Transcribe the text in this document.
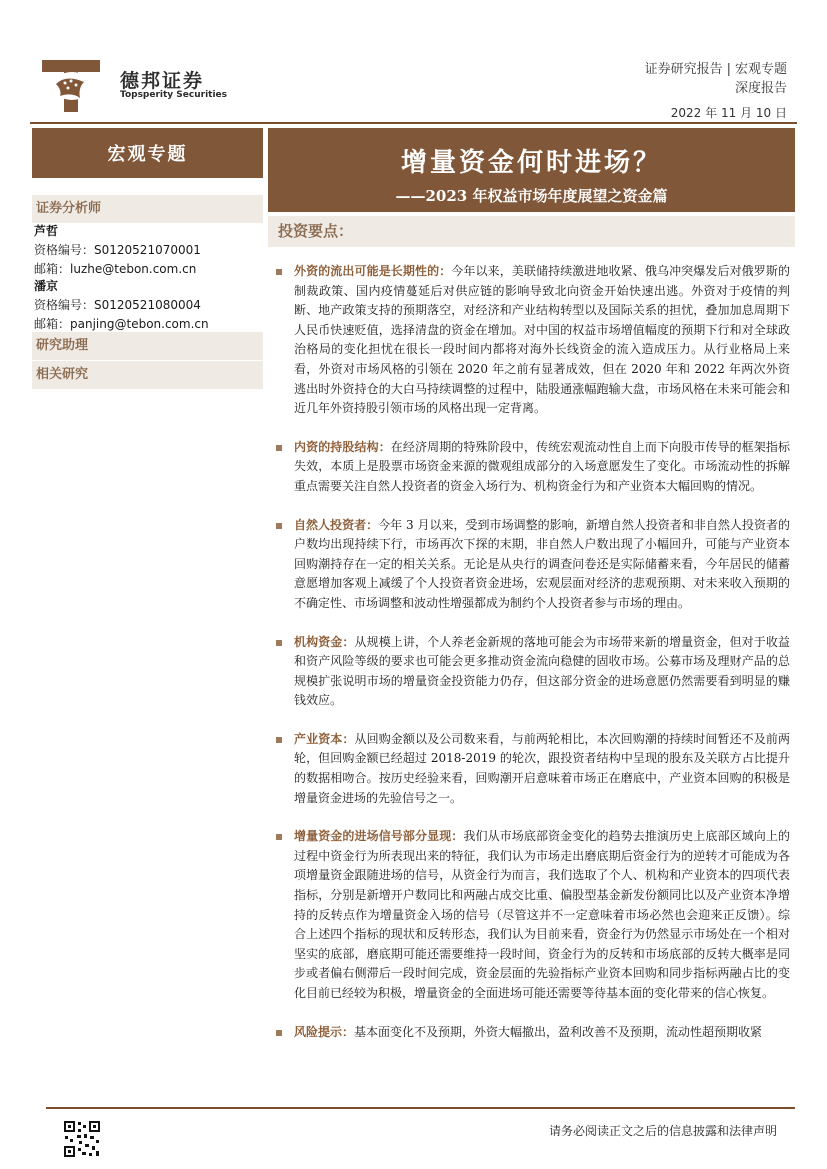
德邦证券
Topsperity Securities
证券研究报告 | 宏观专题
深度报告
2022 年 11 月 10 日
宏观专题
证券分析师
芦哲
资格编号：S0120521070001
邮箱：luzhe@tebon.com.cn
潘京
资格编号：S0120521080004
邮箱：panjing@tebon.com.cn
研究助理
相关研究
增量资金何时进场？
——2023 年权益市场年度展望之资金篇
投资要点：
外资的流出可能是长期性的：今年以来，美联储持续激进地收紧、俄乌冲突爆发后对俄罗斯的制裁政策、国内疫情蔓延后对供应链的影响导致北向资金开始快速出逃。外资对于疫情的判断、地产政策支持的预期落空，对经济和产业结构转型以及国际关系的担忧，叠加加息周期下人民币快速贬值，选择清盘的资金在增加。对中国的权益市场增值幅度的预期下行和对全球政治格局的变化担忧在很长一段时间内都将对海外长线资金的流入造成压力。从行业格局上来看，外资对市场风格的引领在 2020 年之前有显著成效，但在 2020 年和 2022 年两次外资逃出时外资持仓的大白马持续调整的过程中，陆股通涨幅跑输大盘，市场风格在未来可能会和近几年外资持股引领市场的风格出现一定背离。
内资的持股结构：在经济周期的特殊阶段中，传统宏观流动性自上而下向股市传导的框架指标失效，本质上是股票市场资金来源的微观组成部分的入场意愿发生了变化。市场流动性的拆解重点需要关注自然人投资者的资金入场行为、机构资金行为和产业资本大幅回购的情况。
自然人投资者：今年 3 月以来，受到市场调整的影响，新增自然人投资者和非自然人投资者的户数均出现持续下行，市场再次下探的末期，非自然人户数出现了小幅回升，可能与产业资本回购潮持存在一定的相关关系。无论是从央行的调查问卷还是实际储蓄来看，今年居民的储蓄意愿增加客观上减缓了个人投资者资金进场，宏观层面对经济的悲观预期、对未来收入预期的不确定性、市场调整和波动性增强都成为制约个人投资者参与市场的理由。
机构资金：从规模上讲，个人养老金新规的落地可能会为市场带来新的增量资金，但对于收益和资产风险等级的要求也可能会更多推动资金流向稳健的固收市场。公募市场及理财产品的总规模扩张说明市场的增量资金投资能力仍存，但这部分资金的进场意愿仍然需要看到明显的赚钱效应。
产业资本：从回购金额以及公司数来看，与前两轮相比，本次回购潮的持续时间暂还不及前两轮，但回购金额已经超过 2018-2019 的轮次，跟投资者结构中呈现的股东及关联方占比提升的数据相吻合。按历史经验来看，回购潮开启意味着市场正在磨底中，产业资本回购的积极是增量资金进场的先验信号之一。
增量资金的进场信号部分显现：我们从市场底部资金变化的趋势去推演历史上底部区域向上的过程中资金行为所表现出来的特征，我们认为市场走出磨底期后资金行为的逆转才可能成为各项增量资金跟随进场的信号，从资金行为而言，我们选取了个人、机构和产业资本的四项代表指标，分别是新增开户数同比和两融占成交比重、偏股型基金新发份额同比以及产业资本净增持的反转点作为增量资金入场的信号（尽管这并不一定意味着市场必然也会迎来正反馈）。综合上述四个指标的现状和反转形态，我们认为目前来看，资金行为仍然显示市场处在一个相对坚实的底部，磨底期可能还需要维持一段时间，资金行为的反转和市场底部的反转大概率是同步或者偏右侧滞后一段时间完成，资金层面的先验指标产业资本回购和同步指标两融占比的变化目前已经较为积极，增量资金的全面进场可能还需要等待基本面的变化带来的信心恢复。
风险提示：基本面变化不及预期，外资大幅撤出，盈利改善不及预期，流动性超预期收紧
请务必阅读正文之后的信息披露和法律声明
